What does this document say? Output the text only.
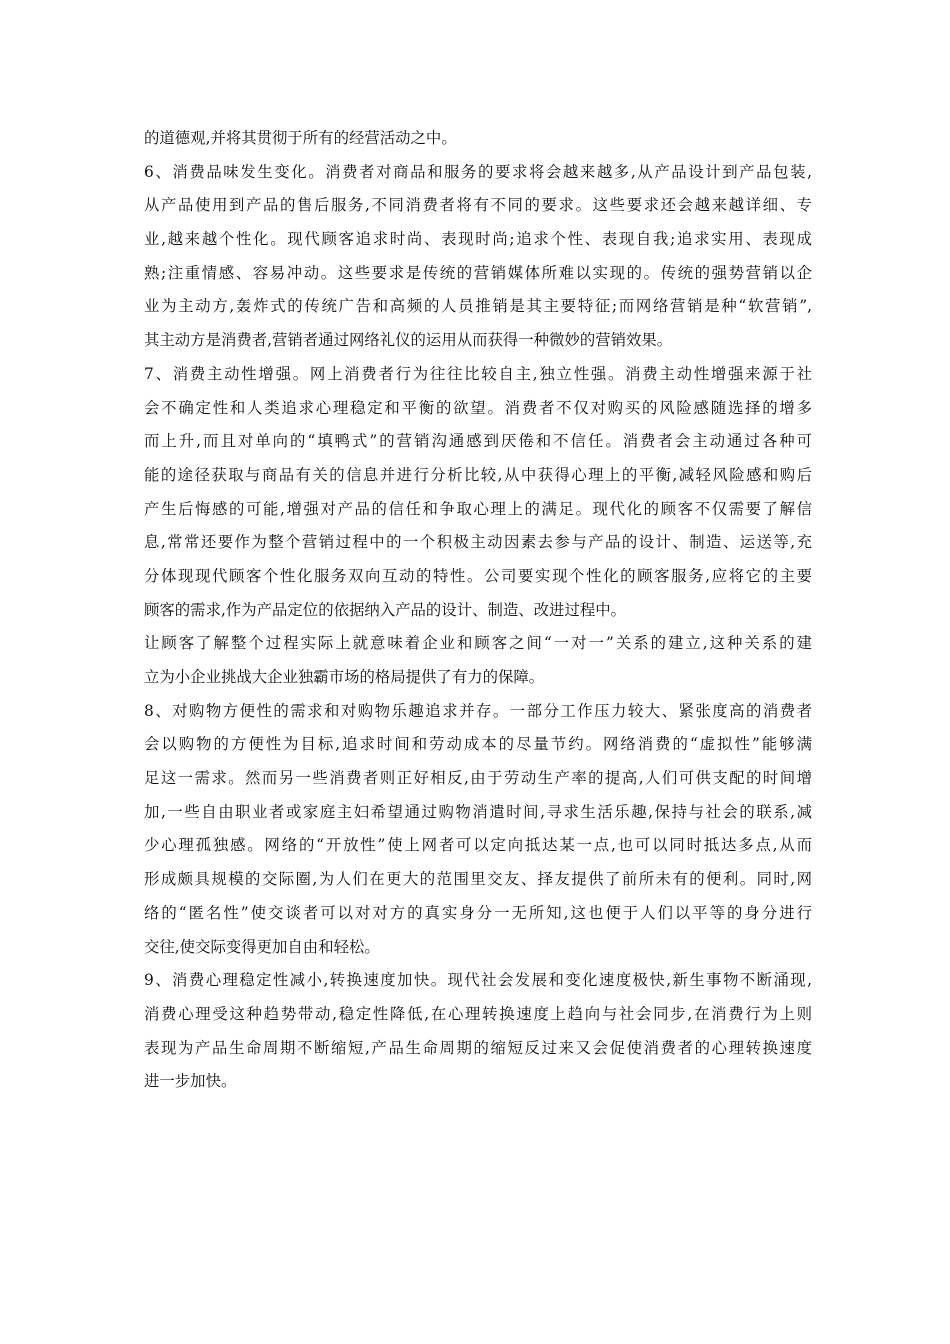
的道德观,并将其贯彻于所有的经营活动之中。
6、消费品味发生变化。消费者对商品和服务的要求将会越来越多,从产品设计到产品包装,
从产品使用到产品的售后服务,不同消费者将有不同的要求。这些要求还会越来越详细、专
业,越来越个性化。现代顾客追求时尚、表现时尚;追求个性、表现自我;追求实用、表现成
熟;注重情感、容易冲动。这些要求是传统的营销媒体所难以实现的。传统的强势营销以企
业为主动方,轰炸式的传统广告和高频的人员推销是其主要特征;而网络营销是种“软营销”,
其主动方是消费者,营销者通过网络礼仪的运用从而获得一种微妙的营销效果。
7、消费主动性增强。网上消费者行为往往比较自主,独立性强。消费主动性增强来源于社
会不确定性和人类追求心理稳定和平衡的欲望。消费者不仅对购买的风险感随选择的增多
而上升,而且对单向的“填鸭式”的营销沟通感到厌倦和不信任。消费者会主动通过各种可
能的途径获取与商品有关的信息并进行分析比较,从中获得心理上的平衡,减轻风险感和购后
产生后悔感的可能,增强对产品的信任和争取心理上的满足。现代化的顾客不仅需要了解信
息,常常还要作为整个营销过程中的一个积极主动因素去参与产品的设计、制造、运送等,充
分体现现代顾客个性化服务双向互动的特性。公司要实现个性化的顾客服务,应将它的主要
顾客的需求,作为产品定位的依据纳入产品的设计、制造、改进过程中。
让顾客了解整个过程实际上就意味着企业和顾客之间“一对一”关系的建立,这种关系的建
立为小企业挑战大企业独霸市场的格局提供了有力的保障。
8、对购物方便性的需求和对购物乐趣追求并存。一部分工作压力较大、紧张度高的消费者
会以购物的方便性为目标,追求时间和劳动成本的尽量节约。网络消费的“虚拟性”能够满
足这一需求。然而另一些消费者则正好相反,由于劳动生产率的提高,人们可供支配的时间增
加,一些自由职业者或家庭主妇希望通过购物消遣时间,寻求生活乐趣,保持与社会的联系,减
少心理孤独感。网络的“开放性”使上网者可以定向抵达某一点,也可以同时抵达多点,从而
形成颇具规模的交际圈,为人们在更大的范围里交友、择友提供了前所未有的便利。同时,网
络的“匿名性”使交谈者可以对对方的真实身分一无所知,这也便于人们以平等的身分进行
交往,使交际变得更加自由和轻松。
9、消费心理稳定性减小,转换速度加快。现代社会发展和变化速度极快,新生事物不断涌现,
消费心理受这种趋势带动,稳定性降低,在心理转换速度上趋向与社会同步,在消费行为上则
表现为产品生命周期不断缩短,产品生命周期的缩短反过来又会促使消费者的心理转换速度
进一步加快。
